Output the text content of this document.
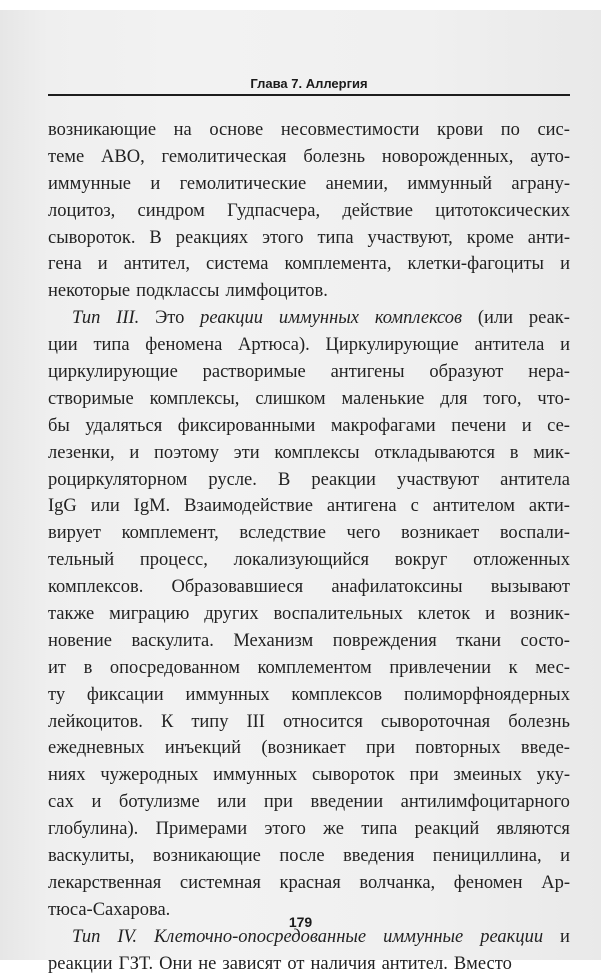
Глава 7. Аллергия
возникающие на основе несовместимости крови по сис-
теме АВО, гемолитическая болезнь новорожденных, ауто-
иммунные и гемолитические анемии, иммунный аграну-
лоцитоз, синдром Гудпасчера, действие цитотоксических
сывороток. В реакциях этого типа участвуют, кроме анти-
гена и антител, система комплемента, клетки-фагоциты и
некоторые подклассы лимфоцитов.
Тип III. Это реакции иммунных комплексов (или реак-
ции типа феномена Артюса). Циркулирующие антитела и
циркулирующие растворимые антигены образуют нера-
створимые комплексы, слишком маленькие для того, что-
бы удаляться фиксированными макрофагами печени и се-
лезенки, и поэтому эти комплексы откладываются в мик-
роциркуляторном русле. В реакции участвуют антитела
IgG или IgM. Взаимодействие антигена с антителом акти-
вирует комплемент, вследствие чего возникает воспали-
тельный процесс, локализующийся вокруг отложенных
комплексов. Образовавшиеся анафилатоксины вызывают
также миграцию других воспалительных клеток и возник-
новение васкулита. Механизм повреждения ткани состо-
ит в опосредованном комплементом привлечении к мес-
ту фиксации иммунных комплексов полиморфноядерных
лейкоцитов. К типу III относится сывороточная болезнь
ежедневных инъекций (возникает при повторных введе-
ниях чужеродных иммунных сывороток при змеиных уку-
сах и ботулизме или при введении антилимфоцитарного
глобулина). Примерами этого же типа реакций являются
васкулиты, возникающие после введения пенициллина, и
лекарственная системная красная волчанка, феномен Ар-
тюса-Сахарова.
Тип IV. Клеточно-опосредованные иммунные реакции и
реакции ГЗТ. Они не зависят от наличия антител. Вместо
179
